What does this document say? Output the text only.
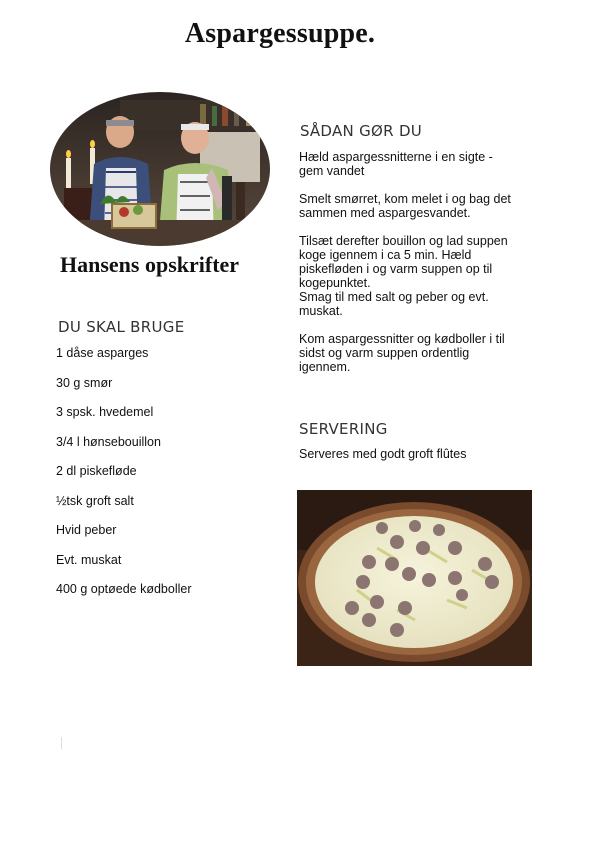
Aspargessuppe.
Hansens opskrifter
DU SKAL BRUGE
1 dåse asparges
30 g smør
3 spsk. hvedemel
3/4 l hønsebouillon
2 dl piskefløde
½tsk groft salt
Hvid peber
Evt. muskat
400 g optøede kødboller
SÅDAN GØR DU

Hæld aspargessnitterne i en sigte -
gem vandet

Smelt smørret, kom melet i og bag det
sammen med aspargesvandet.

Tilsæt derefter bouillon og lad suppen
koge igennem i ca 5 min. Hæld
piskefløden i og varm suppen op til
kogepunktet.
Smag til med salt og peber og evt.
muskat.

Kom aspargessnitter og kødboller i til
sidst og varm suppen ordentlig
igennem.

SERVERING
Serveres med godt groft flûtes
